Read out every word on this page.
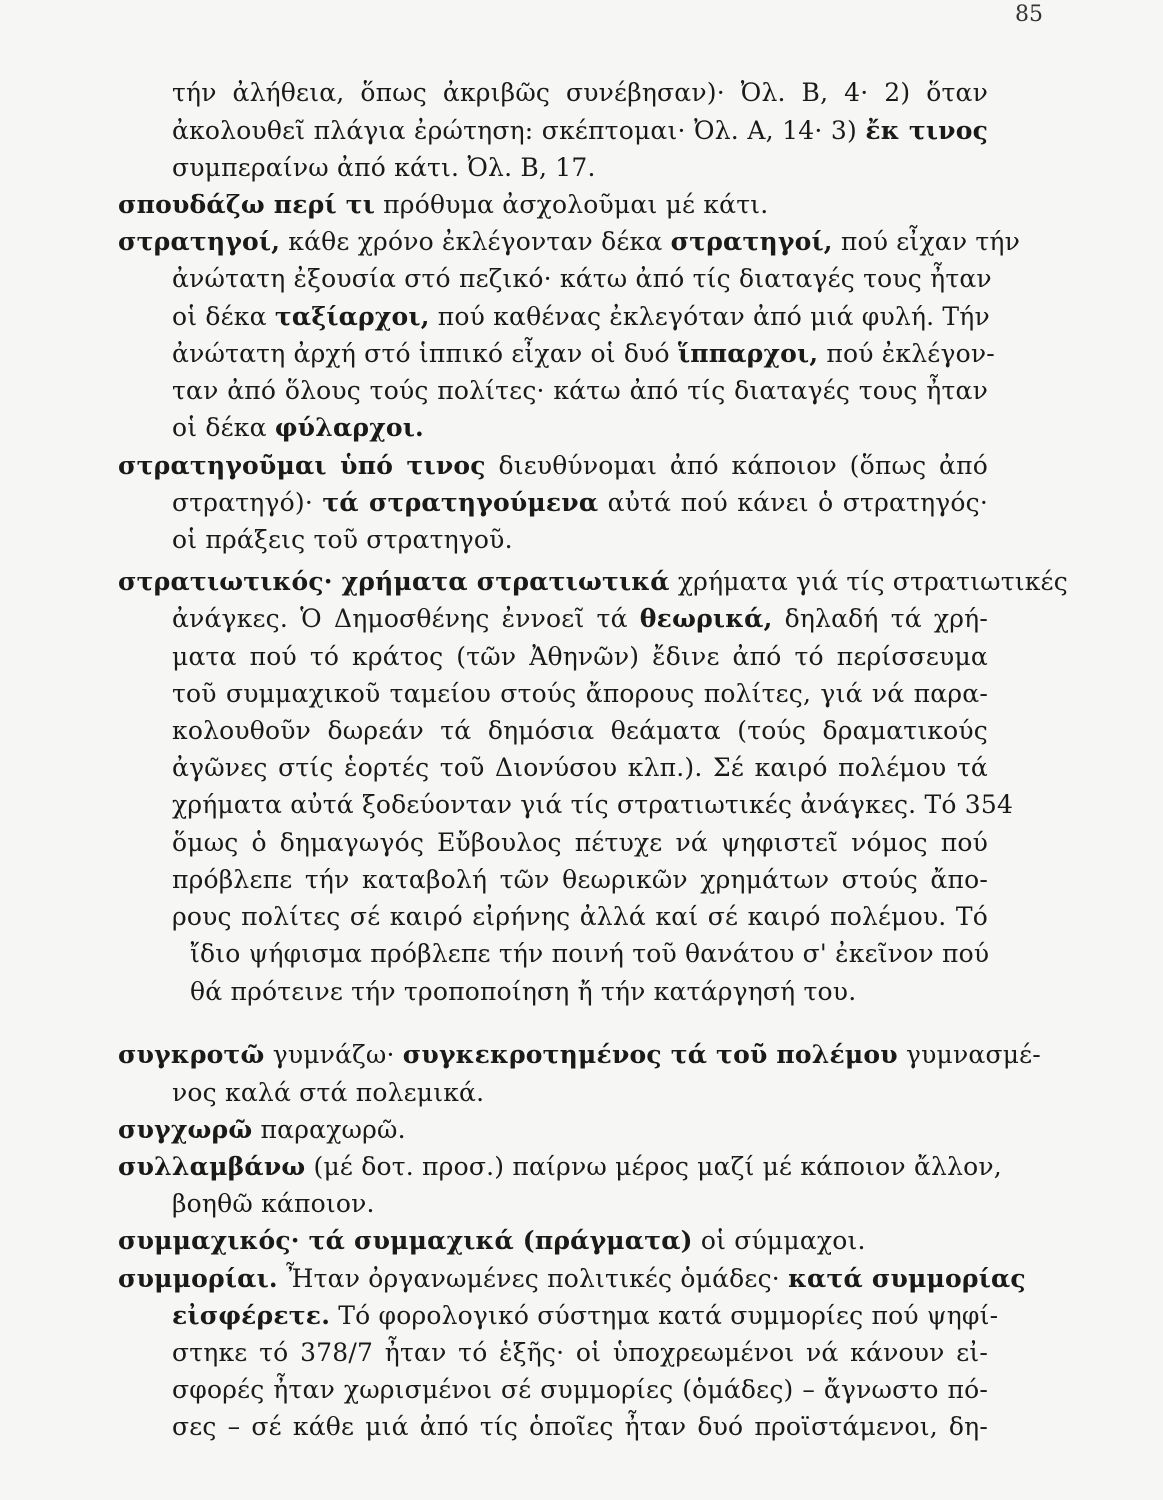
85
τήν ἀλήθεια, ὅπως ἀκριβῶς συνέβησαν)· Ὀλ. Β, 4· 2) ὅταν
ἀκολουθεῖ πλάγια ἐρώτηση: σκέπτομαι· Ὀλ. Α, 14· 3) ἔκ τινος
συμπεραίνω ἀπό κάτι. Ὀλ. Β, 17.
σπουδάζω περί τι πρόθυμα ἀσχολοῦμαι μέ κάτι.
στρατηγοί, κάθε χρόνο ἐκλέγονταν δέκα στρατηγοί, πού εἶχαν τήν
ἀνώτατη ἐξουσία στό πεζικό· κάτω ἀπό τίς διαταγές τους ἦταν
οἱ δέκα ταξίαρχοι, πού καθένας ἐκλεγόταν ἀπό μιά φυλή. Τήν
ἀνώτατη ἀρχή στό ἱππικό εἶχαν οἱ δυό ἵππαρχοι, πού ἐκλέγον-
ταν ἀπό ὅλους τούς πολίτες· κάτω ἀπό τίς διαταγές τους ἦταν
οἱ δέκα φύλαρχοι.
στρατηγοῦμαι ὑπό τινος διευθύνομαι ἀπό κάποιον (ὅπως ἀπό
στρατηγό)· τά στρατηγούμενα αὐτά πού κάνει ὁ στρατηγός·
οἱ πράξεις τοῦ στρατηγοῦ.
στρατιωτικός· χρήματα στρατιωτικά χρήματα γιά τίς στρατιωτικές
ἀνάγκες. Ὁ Δημοσθένης ἐννοεῖ τά θεωρικά, δηλαδή τά χρή-
ματα πού τό κράτος (τῶν Ἀθηνῶν) ἔδινε ἀπό τό περίσσευμα
τοῦ συμμαχικοῦ ταμείου στούς ἄπορους πολίτες, γιά νά παρα-
κολουθοῦν δωρεάν τά δημόσια θεάματα (τούς δραματικούς
ἀγῶνες στίς ἑορτές τοῦ Διονύσου κλπ.). Σέ καιρό πολέμου τά
χρήματα αὐτά ξοδεύονταν γιά τίς στρατιωτικές ἀνάγκες. Τό 354
ὅμως ὁ δημαγωγός Εὔβουλος πέτυχε νά ψηφιστεῖ νόμος πού
πρόβλεπε τήν καταβολή τῶν θεωρικῶν χρημάτων στούς ἄπο-
ρους πολίτες σέ καιρό εἰρήνης ἀλλά καί σέ καιρό πολέμου. Τό
ἴδιο ψήφισμα πρόβλεπε τήν ποινή τοῦ θανάτου σ' ἐκεῖνον πού
θά πρότεινε τήν τροποποίηση ἤ τήν κατάργησή του.
συγκροτῶ γυμνάζω· συγκεκροτημένος τά τοῦ πολέμου γυμνασμέ-
νος καλά στά πολεμικά.
συγχωρῶ παραχωρῶ.
συλλαμβάνω (μέ δοτ. προσ.) παίρνω μέρος μαζί μέ κάποιον ἄλλον,
βοηθῶ κάποιον.
συμμαχικός· τά συμμαχικά (πράγματα) οἱ σύμμαχοι.
συμμορίαι. Ἦταν ὀργανωμένες πολιτικές ὁμάδες· κατά συμμορίας
εἰσφέρετε. Τό φορολογικό σύστημα κατά συμμορίες πού ψηφί-
στηκε τό 378/7 ἦταν τό ἑξῆς· οἱ ὑποχρεωμένοι νά κάνουν εἰ-
σφορές ἦταν χωρισμένοι σέ συμμορίες (ὁμάδες) – ἄγνωστο πό-
σες – σέ κάθε μιά ἀπό τίς ὁποῖες ἦταν δυό προϊστάμενοι, δη-
